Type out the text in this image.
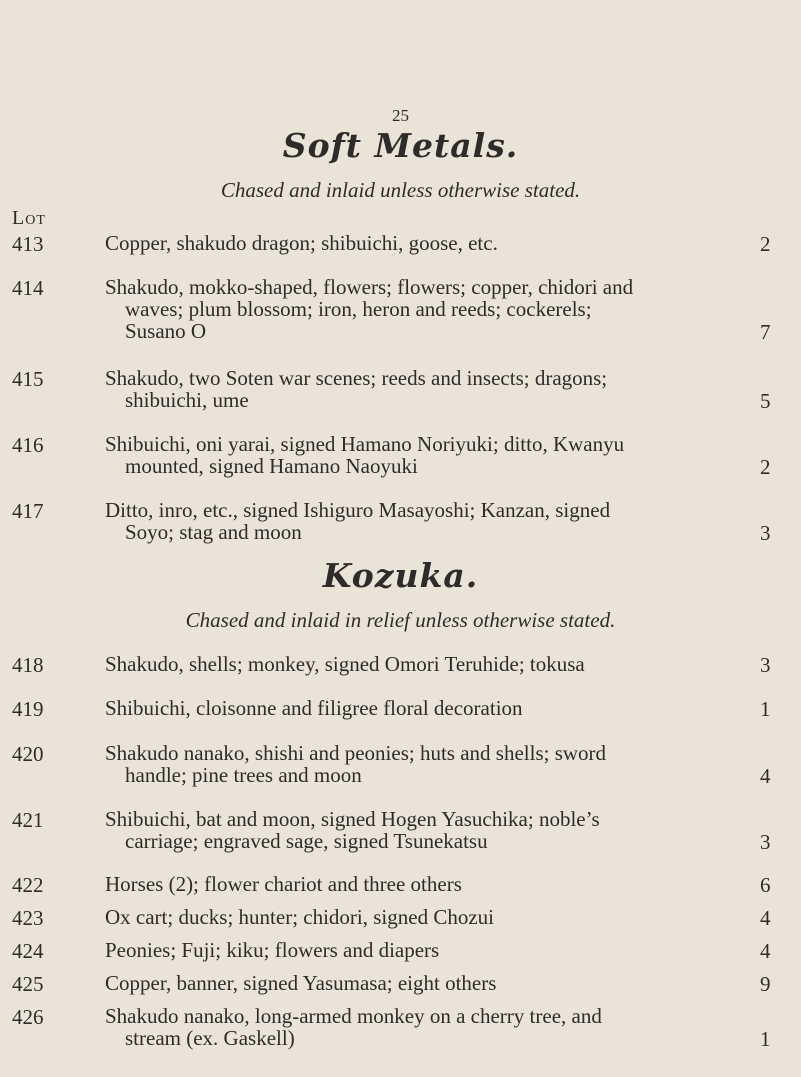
25
Soft Metals.
Chased and inlaid unless otherwise stated.
Lot
413	Copper, shakudo dragon; shibuichi, goose, etc.	2
414	Shakudo, mokko-shaped, flowers; flowers; copper, chidori and
waves; plum blossom; iron, heron and reeds; cockerels;
Susano O	7
415	Shakudo, two Soten war scenes; reeds and insects; dragons;
shibuichi, ume	5
416	Shibuichi, oni yarai, signed Hamano Noriyuki; ditto, Kwanyu
mounted, signed Hamano Naoyuki	2
417	Ditto, inro, etc., signed Ishiguro Masayoshi; Kanzan, signed
Soyo; stag and moon	3
Kozuka.
Chased and inlaid in relief unless otherwise stated.
418	Shakudo, shells; monkey, signed Omori Teruhide; tokusa	3
419	Shibuichi, cloisonne and filigree floral decoration	1
420	Shakudo nanako, shishi and peonies; huts and shells; sword
handle; pine trees and moon	4
421	Shibuichi, bat and moon, signed Hogen Yasuchika; noble’s
carriage; engraved sage, signed Tsunekatsu	3
422	Horses (2); flower chariot and three others	6
423	Ox cart; ducks; hunter; chidori, signed Chozui	4
424	Peonies; Fuji; kiku; flowers and diapers	4
425	Copper, banner, signed Yasumasa; eight others	9
426	Shakudo nanako, long-armed monkey on a cherry tree, and
stream (ex. Gaskell)	1
